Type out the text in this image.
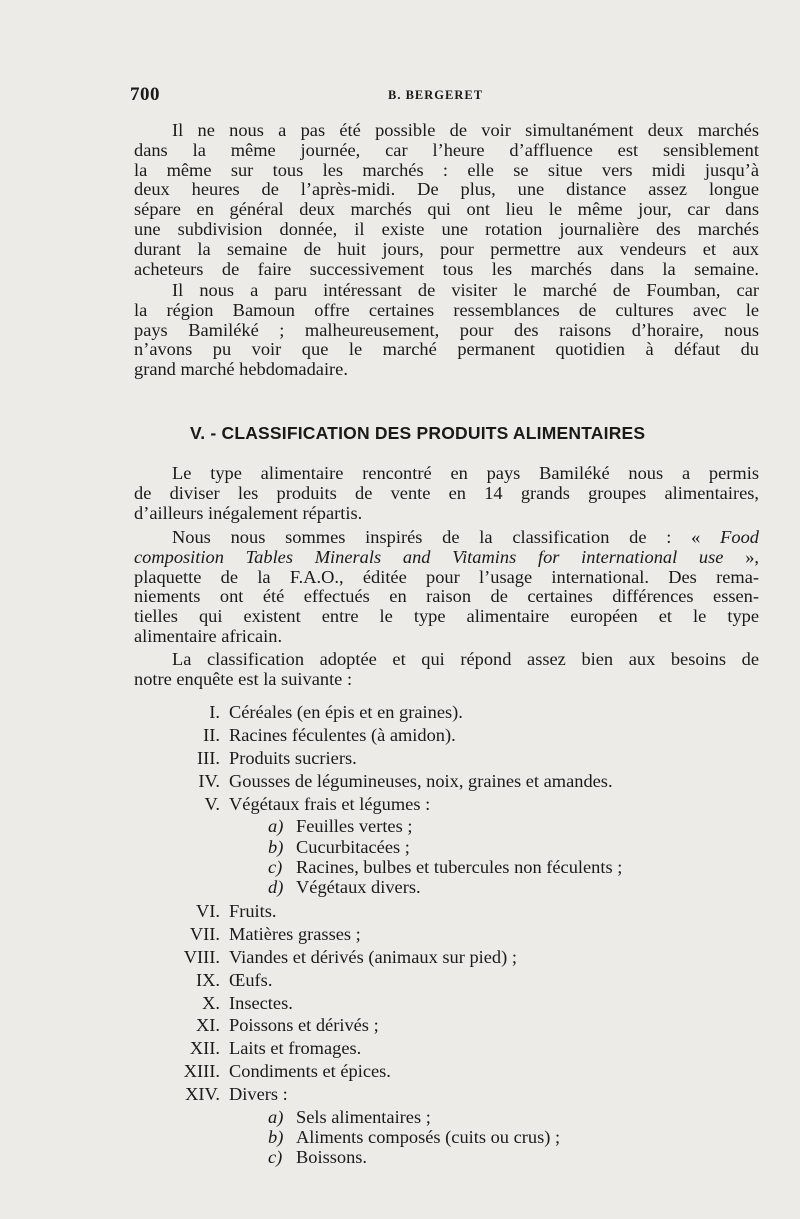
700	B. BERGERET
Il ne nous a pas été possible de voir simultanément deux marchés
dans la même journée, car l’heure d’affluence est sensiblement
la même sur tous les marchés : elle se situe vers midi jusqu’à
deux heures de l’après-midi. De plus, une distance assez longue
sépare en général deux marchés qui ont lieu le même jour, car dans
une subdivision donnée, il existe une rotation journalière des marchés
durant la semaine de huit jours, pour permettre aux vendeurs et aux
acheteurs de faire successivement tous les marchés dans la semaine.
Il nous a paru intéressant de visiter le marché de Foumban, car
la région Bamoun offre certaines ressemblances de cultures avec le
pays Bamiléké ; malheureusement, pour des raisons d’horaire, nous
n’avons pu voir que le marché permanent quotidien à défaut du
grand marché hebdomadaire.
V. - CLASSIFICATION DES PRODUITS ALIMENTAIRES
Le type alimentaire rencontré en pays Bamiléké nous a permis
de diviser les produits de vente en 14 grands groupes alimentaires,
d’ailleurs inégalement répartis.
Nous nous sommes inspirés de la classification de : « Food
composition Tables Minerals and Vitamins for international use »,
plaquette de la F.A.O., éditée pour l’usage international. Des rema-
niements ont été effectués en raison de certaines différences essen-
tielles qui existent entre le type alimentaire européen et le type
alimentaire africain.
La classification adoptée et qui répond assez bien aux besoins de
notre enquête est la suivante :
I. Céréales (en épis et en graines).
II. Racines féculentes (à amidon).
III. Produits sucriers.
IV. Gousses de légumineuses, noix, graines et amandes.
V. Végétaux frais et légumes :
a) Feuilles vertes ;
b) Cucurbitacées ;
c) Racines, bulbes et tubercules non féculents ;
d) Végétaux divers.
VI. Fruits.
VII. Matières grasses ;
VIII. Viandes et dérivés (animaux sur pied) ;
IX. Œufs.
X. Insectes.
XI. Poissons et dérivés ;
XII. Laits et fromages.
XIII. Condiments et épices.
XIV. Divers :
a) Sels alimentaires ;
b) Aliments composés (cuits ou crus) ;
c) Boissons.
